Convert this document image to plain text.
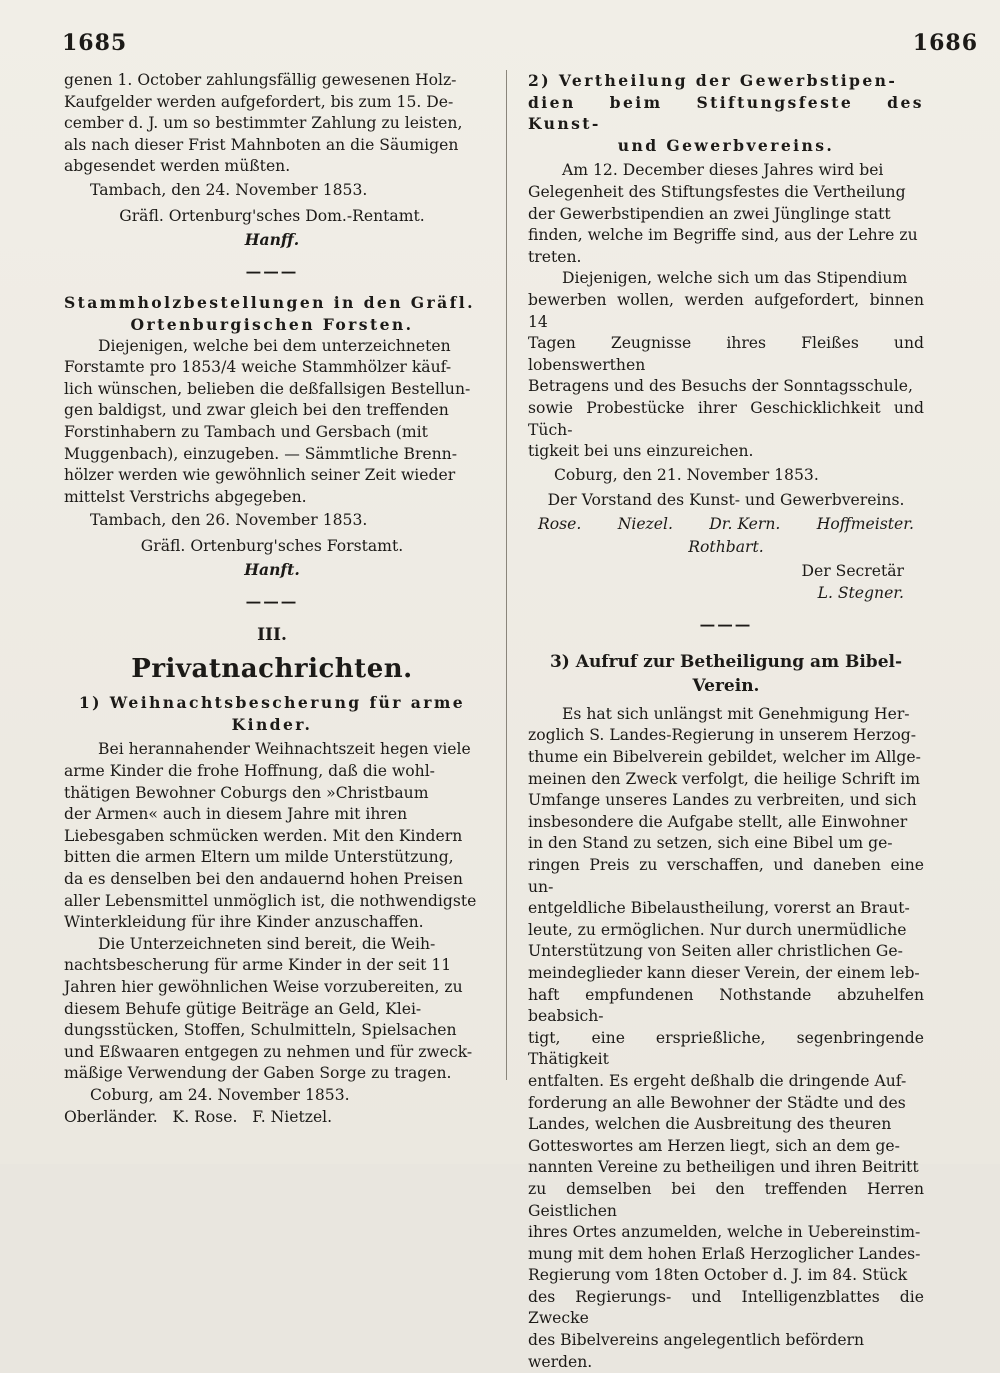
1685	1686

genen 1. October zahlungsfällig gewesenen Holz-

Kaufgelder werden aufgefordert, bis zum 15. De-

cember d. J. um so bestimmter Zahlung zu leisten,

als nach dieser Frist Mahnboten an die Säumigen

abgesendet werden müßten.

Tambach, den 24. November 1853.

Gräfl. Ortenburg'sches Dom.-Rentamt.

Hanff.

———

Stammholzbestellungen in den Gräfl.

Ortenburgischen Forsten.

Diejenigen, welche bei dem unterzeichneten

Forstamte pro 1853/4 weiche Stammhölzer käuf-

lich wünschen, belieben die deßfallsigen Bestellun-

gen baldigst, und zwar gleich bei den treffenden

Forstinhabern zu Tambach und Gersbach (mit

Muggenbach), einzugeben. — Sämmtliche Brenn-

hölzer werden wie gewöhnlich seiner Zeit wieder

mittelst Verstrichs abgegeben.

Tambach, den 26. November 1853.

Gräfl. Ortenburg'sches Forstamt.

Hanft.

———

III.

Privatnachrichten.

1) Weihnachtsbescherung für arme

Kinder.

Bei herannahender Weihnachtszeit hegen viele

arme Kinder die frohe Hoffnung, daß die wohl-

thätigen Bewohner Coburgs den »Christbaum

der Armen« auch in diesem Jahre mit ihren

Liebesgaben schmücken werden. Mit den Kindern

bitten die armen Eltern um milde Unterstützung,

da es denselben bei den andauernd hohen Preisen

aller Lebensmittel unmöglich ist, die nothwendigste

Winterkleidung für ihre Kinder anzuschaffen.

Die Unterzeichneten sind bereit, die Weih-

nachtsbescherung für arme Kinder in der seit 11

Jahren hier gewöhnlichen Weise vorzubereiten, zu

diesem Behufe gütige Beiträge an Geld, Klei-

dungsstücken, Stoffen, Schulmitteln, Spielsachen

und Eßwaaren entgegen zu nehmen und für zweck-

mäßige Verwendung der Gaben Sorge zu tragen.

Coburg, am 24. November 1853.

Oberländer.   K. Rose.   F. Nietzel.

2) Vertheilung der Gewerbstipen-

dien beim Stiftungsfeste des Kunst-

und Gewerbvereins.

Am 12. December dieses Jahres wird bei

Gelegenheit des Stiftungsfestes die Vertheilung

der Gewerbstipendien an zwei Jünglinge statt

finden, welche im Begriffe sind, aus der Lehre zu

treten.

Diejenigen, welche sich um das Stipendium

bewerben wollen, werden aufgefordert, binnen 14

Tagen Zeugnisse ihres Fleißes und lobenswerthen

Betragens und des Besuchs der Sonntagsschule,

sowie Probestücke ihrer Geschicklichkeit und Tüch-

tigkeit bei uns einzureichen.

Coburg, den 21. November 1853.

Der Vorstand des Kunst- und Gewerbvereins.

Rose. Niezel. Dr. Kern. Hoffmeister.

Rothbart.

Der Secretär

L. Stegner.

———

3) Aufruf zur Betheiligung am Bibel-

Verein.

Es hat sich unlängst mit Genehmigung Her-

zoglich S. Landes-Regierung in unserem Herzog-

thume ein Bibelverein gebildet, welcher im Allge-

meinen den Zweck verfolgt, die heilige Schrift im

Umfange unseres Landes zu verbreiten, und sich

insbesondere die Aufgabe stellt, alle Einwohner

in den Stand zu setzen, sich eine Bibel um ge-

ringen Preis zu verschaffen, und daneben eine un-

entgeldliche Bibelaustheilung, vorerst an Braut-

leute, zu ermöglichen. Nur durch unermüdliche

Unterstützung von Seiten aller christlichen Ge-

meindeglieder kann dieser Verein, der einem leb-

haft empfundenen Nothstande abzuhelfen beabsich-

tigt, eine ersprießliche, segenbringende Thätigkeit

entfalten. Es ergeht deßhalb die dringende Auf-

forderung an alle Bewohner der Städte und des

Landes, welchen die Ausbreitung des theuren

Gotteswortes am Herzen liegt, sich an dem ge-

nannten Vereine zu betheiligen und ihren Beitritt

zu demselben bei den treffenden Herren Geistlichen

ihres Ortes anzumelden, welche in Uebereinstim-

mung mit dem hohen Erlaß Herzoglicher Landes-

Regierung vom 18ten October d. J. im 84. Stück

des Regierungs- und Intelligenzblattes die Zwecke

des Bibelvereins angelegentlich befördern werden.
